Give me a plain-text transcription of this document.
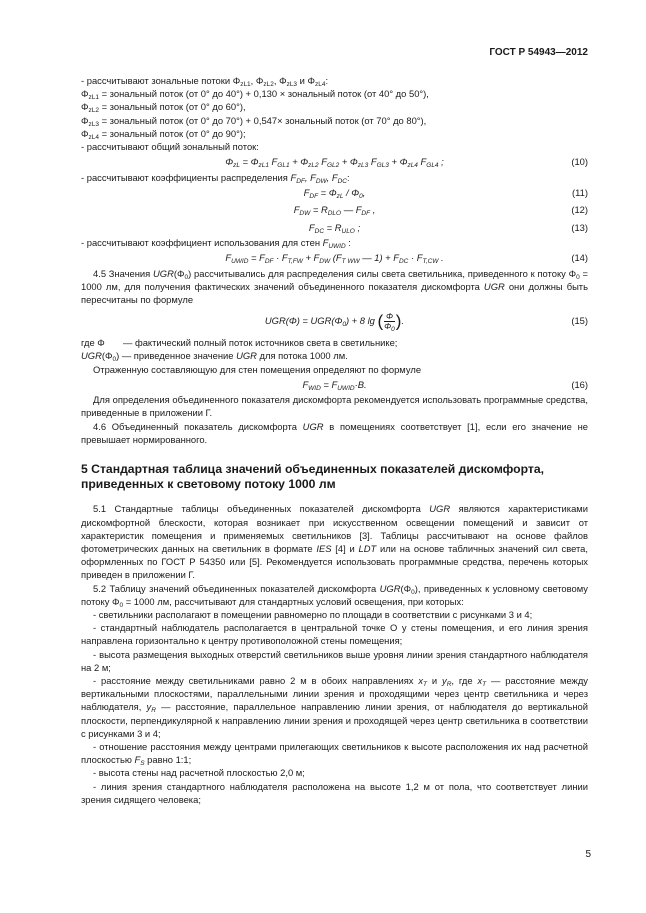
ГОСТ Р 54943—2012

- рассчитывают зональные потоки $\Phi_{zL1}$, $\Phi_{zL2}$, $\Phi_{zL3}$ и $\Phi_{zL4}$:

$\Phi_{zL1}$ = зональный поток (от 0° до 40°) + 0,130 × зональный поток (от 40° до 50°),

$\Phi_{zL2}$ = зональный поток (от 0° до 60°),

$\Phi_{zL3}$ = зональный поток (от 0° до 70°) + 0,547× зональный поток (от 70° до 80°),

$\Phi_{zL4}$ = зональный поток (от 0° до 90°);

- рассчитывают общий зональный поток:

$\Phi_{zL} = \Phi_{zL1}$ $F_{GL1} + \Phi_{zL2}$ $F_{GL2} + \Phi_{zL3}$ $F_{GL3} + \Phi_{zL4}$ $F_{GL4}$ ;	(10)

- рассчитывают коэффициенты распределения $F_{DF}$, $F_{DW}$, $F_{DC}$:

$F_{DF} = \Phi_{zL} / \Phi_0$,	(11)
$F_{DW} = R_{DLO}$ — $F_{DF}$ ,	(12)
$F_{DC} = R_{ULO}$ ;	(13)

- рассчитывают коэффициент использования для стен $F_{UWID}$ :

$F_{UWID} = F_{DF} \cdot F_{T,FW} + F_{DW}$ ($F_{T WW}$ — $1) + F_{DC} \cdot F_{T,CW}$ .	(14)

4.5 Значения $UGR(\Phi_0)$ рассчитывались для распределения силы света светильника, приведенного к потоку $\Phi_0 = 1000$ лм, для получения фактических значений объединенного показателя дискомфорта UGR они должны быть пересчитаны по формуле

$UGR(\Phi) = UGR(\Phi_0) + 8$ lg ( $\frac{\Phi}{\Phi_0}$ ).	(15)
где Φ	— фактический полный поток источников света в светильнике;

$UGR(\Phi_0)$ — приведенное значение UGR для потока 1000 лм.

Отраженную составляющую для стен помещения определяют по формуле

$F_{WID} = F_{UWID}\cdot B$.	(16)

Для определения объединенного показателя дискомфорта рекомендуется использовать программные средства, приведенные в приложении Г.

4.6 Объединенный показатель дискомфорта UGR в помещениях соответствует [1], если его значение не превышает нормированного.

5 Стандартная таблица значений объединенных показателей дискомфорта, приведенных к световому потоку 1000 лм

5.1 Стандартные таблицы объединенных показателей дискомфорта UGR являются характеристиками дискомфортной блескости, которая возникает при искусственном освещении помещений и зависит от характеристик помещения и применяемых светильников [3]. Таблицы рассчитывают на основе файлов фотометрических данных на светильник в формате IES [4] и LDT или на основе табличных значений сил света, оформленных по ГОСТ Р 54350 или [5]. Рекомендуется использовать программные средства, перечень которых приведен в приложении Г.

5.2 Таблицу значений объединенных показателей дискомфорта $UGR(\Phi_0)$, приведенных к условному световому потоку $\Phi_0 = 1000$ лм, рассчитывают для стандартных условий освещения, при которых:

- светильники располагают в помещении равномерно по площади в соответствии с рисунками 3 и 4;

- стандартный наблюдатель располагается в центральной точке О у стены помещения, и его линия зрения направлена горизонтально к центру противоположной стены помещения;

- высота размещения выходных отверстий светильников выше уровня линии зрения стандартного наблюдателя на 2 м;

- расстояние между светильниками равно 2 м в обоих направлениях $x_T$ и $y_R$, где $x_T$ — расстояние между вертикальными плоскостями, параллельными линии зрения и проходящими через центр светильника и через наблюдателя, $y_R$ — расстояние, параллельное направлению линии зрения, от наблюдателя до вертикальной плоскости, перпендикулярной к направлению линии зрения и проходящей через центр светильника в соответствии с рисунками 3 и 4;

- отношение расстояния между центрами прилегающих светильников к высоте расположения их над расчетной плоскостью $F_S$ равно 1:1;

- высота стены над расчетной плоскостью 2,0 м;

- линия зрения стандартного наблюдателя расположена на высоте 1,2 м от пола, что соответствует линии зрения сидящего человека;

5
